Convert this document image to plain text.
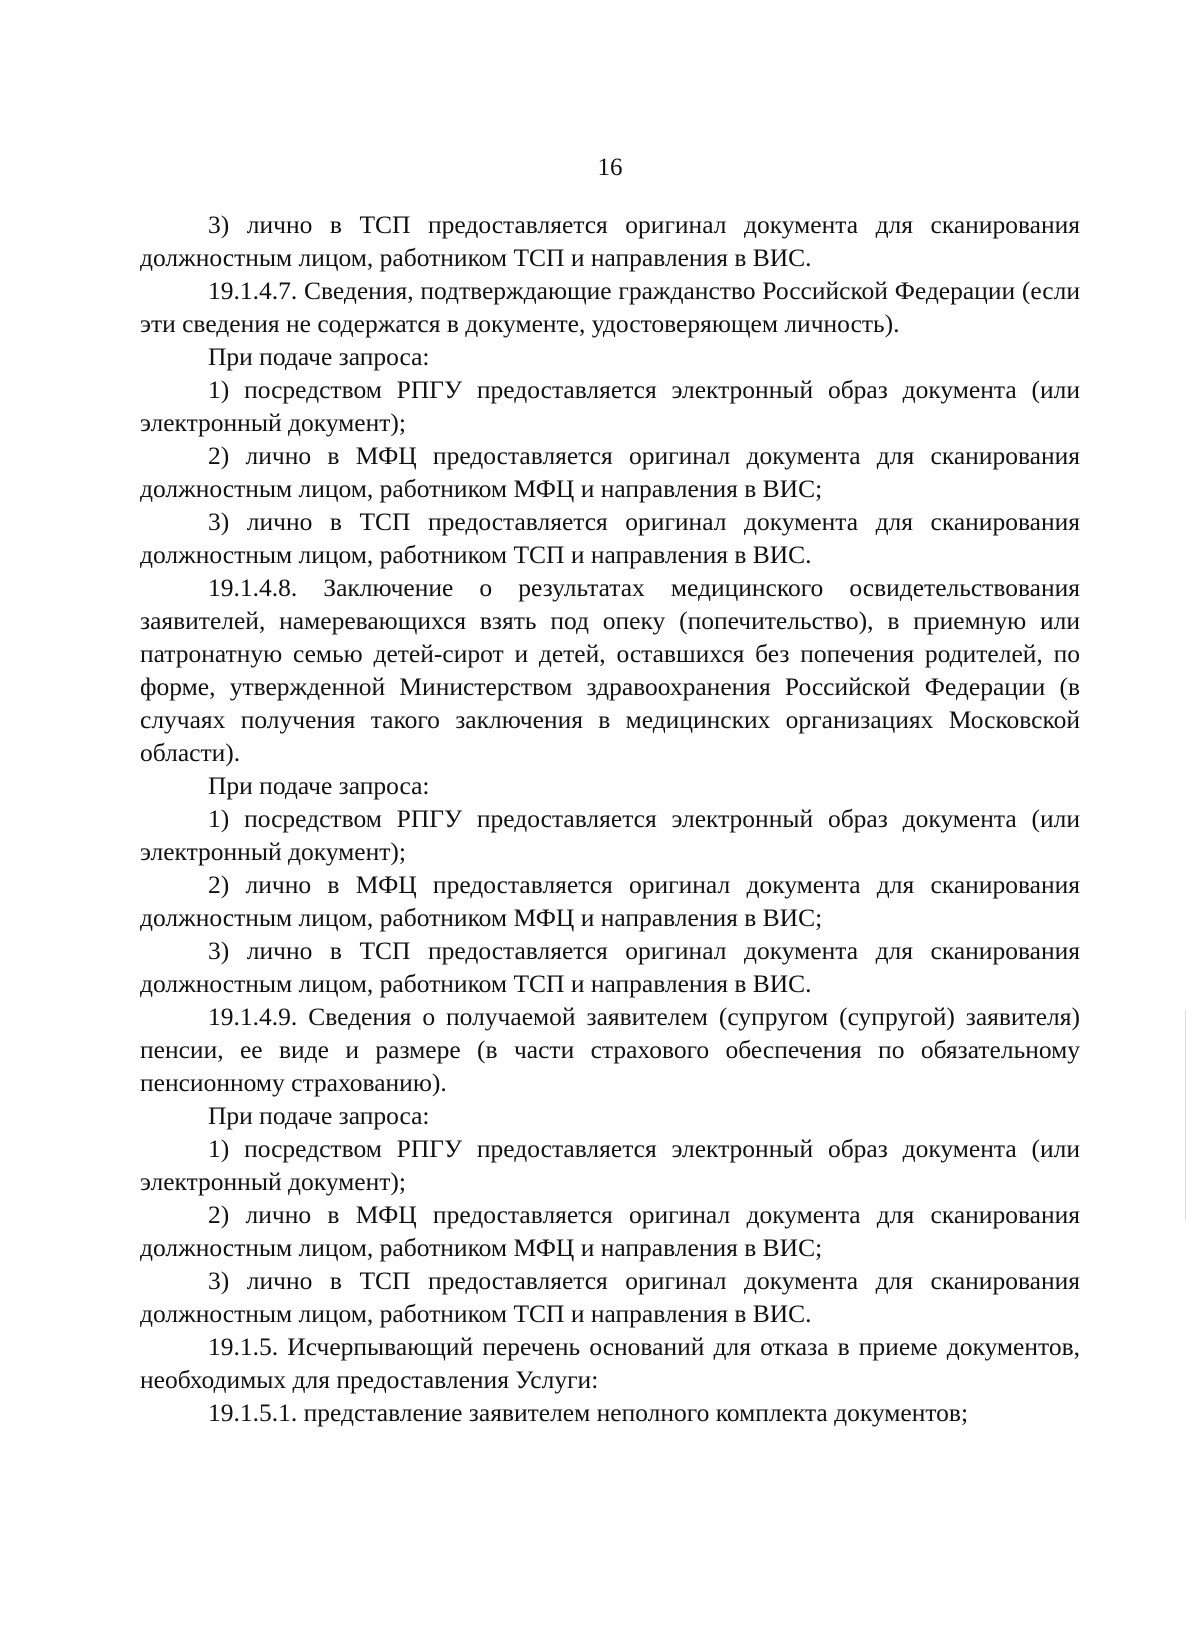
16

3) лично в ТСП предоставляется оригинал документа для сканирования должностным лицом, работником ТСП и направления в ВИС.

19.1.4.7. Сведения, подтверждающие гражданство Российской Федерации (если эти сведения не содержатся в документе, удостоверяющем личность).

При подаче запроса:

1) посредством РПГУ предоставляется электронный образ документа (или электронный документ);

2) лично в МФЦ предоставляется оригинал документа для сканирования должностным лицом, работником МФЦ и направления в ВИС;

3) лично в ТСП предоставляется оригинал документа для сканирования должностным лицом, работником ТСП и направления в ВИС.

19.1.4.8. Заключение о результатах медицинского освидетельствования заявителей, намеревающихся взять под опеку (попечительство), в приемную или патронатную семью детей-сирот и детей, оставшихся без попечения родителей, по форме, утвержденной Министерством здравоохранения Российской Федерации (в случаях получения такого заключения в медицинских организациях Московской области).

При подаче запроса:

1) посредством РПГУ предоставляется электронный образ документа (или электронный документ);

2) лично в МФЦ предоставляется оригинал документа для сканирования должностным лицом, работником МФЦ и направления в ВИС;

3) лично в ТСП предоставляется оригинал документа для сканирования должностным лицом, работником ТСП и направления в ВИС.

19.1.4.9. Сведения о получаемой заявителем (супругом (супругой) заявителя) пенсии, ее виде и размере (в части страхового обеспечения по обязательному пенсионному страхованию).

При подаче запроса:

1) посредством РПГУ предоставляется электронный образ документа (или электронный документ);

2) лично в МФЦ предоставляется оригинал документа для сканирования должностным лицом, работником МФЦ и направления в ВИС;

3) лично в ТСП предоставляется оригинал документа для сканирования должностным лицом, работником ТСП и направления в ВИС.

19.1.5. Исчерпывающий перечень оснований для отказа в приеме документов, необходимых для предоставления Услуги:

19.1.5.1. представление заявителем неполного комплекта документов;
